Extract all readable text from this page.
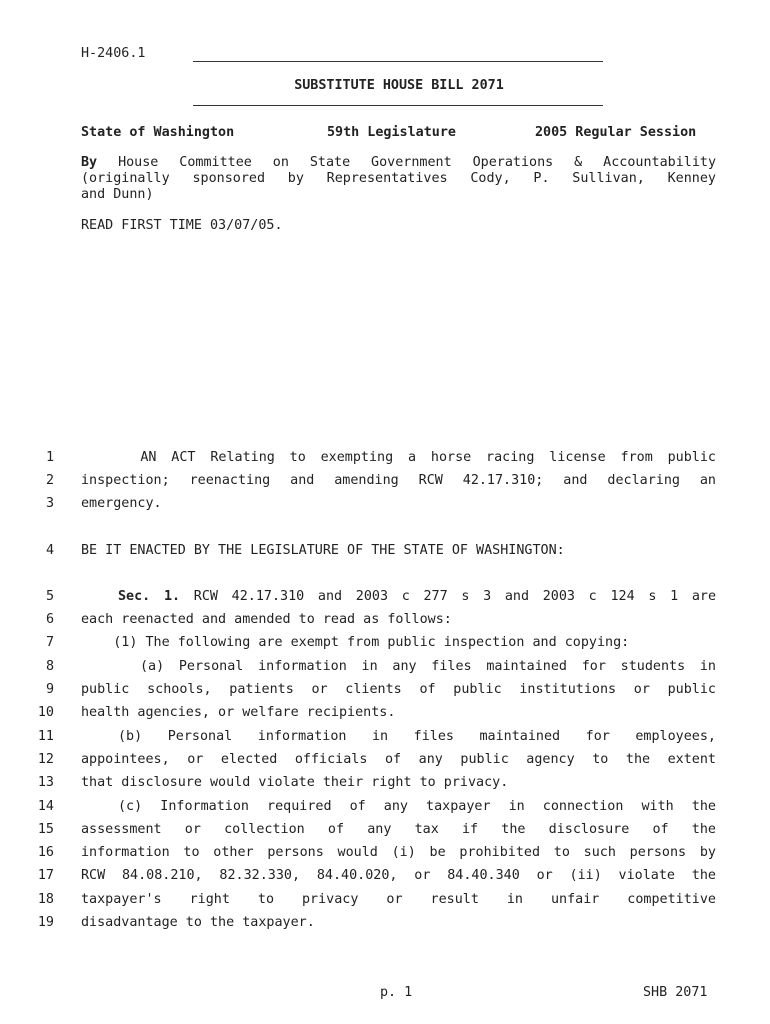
H-2406.1
SUBSTITUTE HOUSE BILL 2071
State of Washington	59th Legislature	2005 Regular Session
By House Committee on State Government Operations & Accountability
(originally sponsored by Representatives Cody, P. Sullivan, Kenney
and Dunn)
READ FIRST TIME 03/07/05.
1 AN ACT Relating to exempting a horse racing license from public
2 inspection; reenacting and amending RCW 42.17.310; and declaring an
3 emergency.
4 BE IT ENACTED BY THE LEGISLATURE OF THE STATE OF WASHINGTON:
5	Sec. 1. RCW 42.17.310 and 2003 c 277 s 3 and 2003 c 124 s 1 are
6 each reenacted and amended to read as follows:
7 (1) The following are exempt from public inspection and copying:
8 (a) Personal information in any files maintained for students in
9 public schools, patients or clients of public institutions or public
10 health agencies, or welfare recipients.
11	(b) Personal information in files maintained for employees,
12 appointees, or elected officials of any public agency to the extent
13 that disclosure would violate their right to privacy.
14	(c) Information required of any taxpayer in connection with the
15 assessment or collection of any tax if the disclosure of the
16 information to other persons would (i) be prohibited to such persons by
17 RCW 84.08.210, 82.32.330, 84.40.020, or 84.40.340 or (ii) violate the
18 taxpayer's right to privacy or result in unfair competitive
19 disadvantage to the taxpayer.
p. 1	SHB 2071
